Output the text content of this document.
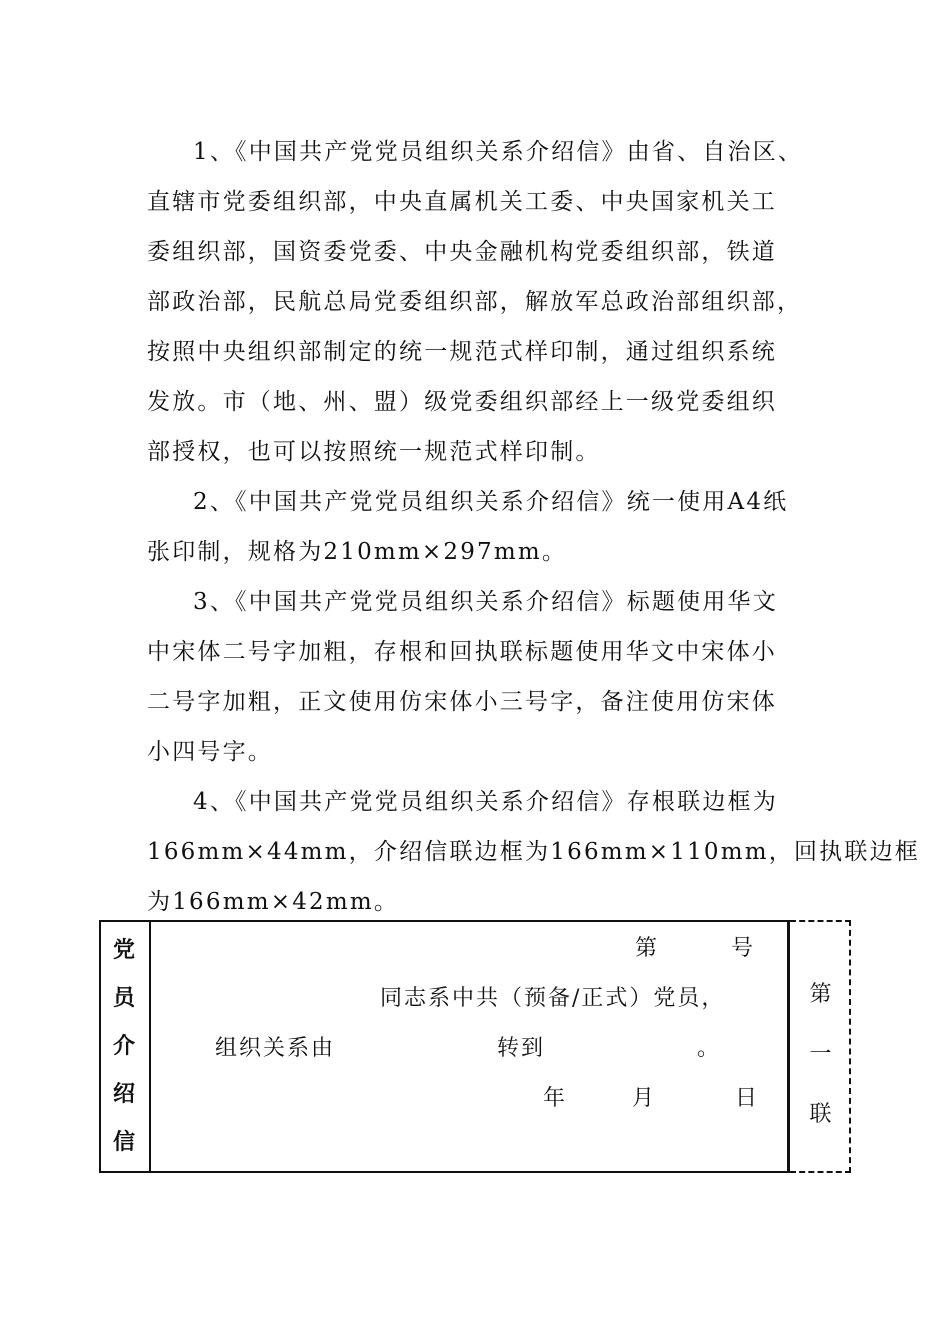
1、《中国共产党党员组织关系介绍信》由省、自治区、
直辖市党委组织部，中央直属机关工委、中央国家机关工
委组织部，国资委党委、中央金融机构党委组织部，铁道
部政治部，民航总局党委组织部，解放军总政治部组织部，
按照中央组织部制定的统一规范式样印制，通过组织系统
发放。市（地、州、盟）级党委组织部经上一级党委组织
部授权，也可以按照统一规范式样印制。
2、《中国共产党党员组织关系介绍信》统一使用A4纸
张印制，规格为210mm×297mm。
3、《中国共产党党员组织关系介绍信》标题使用华文
中宋体二号字加粗，存根和回执联标题使用华文中宋体小
二号字加粗，正文使用仿宋体小三号字，备注使用仿宋体
小四号字。
4、《中国共产党党员组织关系介绍信》存根联边框为
166mm×44mm，介绍信联边框为166mm×110mm，回执联边框
为166mm×42mm。
党
员
介
绍
信
第
一
联
第        号
同志系中共（预备/正式）党员，
组织关系由	转到	。
年	月	日
